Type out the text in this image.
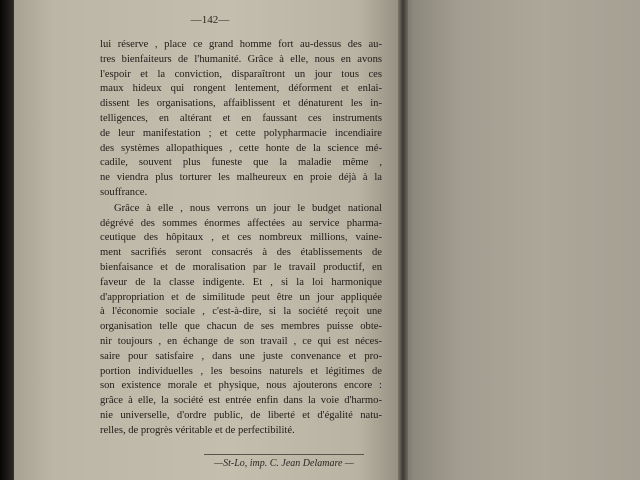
—142—
lui réserve , place ce grand homme fort au-dessus des au-
tres bienfaiteurs de l'humanité. Grâce à elle, nous en avons
l'espoir et la conviction, disparaîtront un jour tous ces
maux hideux qui rongent lentement, déforment et enlai-
dissent les organisations, affaiblissent et dénaturent les in-
telligences, en altérant et en faussant ces instruments
de leur manifestation ; et cette polypharmacie incendiaire
des systèmes allopathiques , cette honte de la science mé-
cadile, souvent plus funeste que la maladie même ,
ne viendra plus torturer les malheureux en proie déjà à la
souffrance.
Grâce à elle , nous verrons un jour le budget national
dégrévé des sommes énormes affectées au service pharma-
ceutique des hôpitaux , et ces nombreux millions, vaine-
ment sacrifiés seront consacrés à des établissements de
bienfaisance et de moralisation par le travail productif, en
faveur de la classe indigente. Et , si la loi harmonique
d'appropriation et de similitude peut être un jour appliquée
à l'économie sociale , c'est-à-dire, si la société reçoit une
organisation telle que chacun de ses membres puisse obte-
nir toujours , en échange de son travail , ce qui est néces-
saire pour satisfaire , dans une juste convenance et pro-
portion individuelles , les besoins naturels et légitimes de
son existence morale et physique, nous ajouterons encore :
grâce à elle, la société est entrée enfin dans la voie d'harmo-
nie universelle, d'ordre public, de liberté et d'égalité natu-
relles, de progrès véritable et de perfectibilité.
—St-Lo, imp. C. Jean Delamare —
